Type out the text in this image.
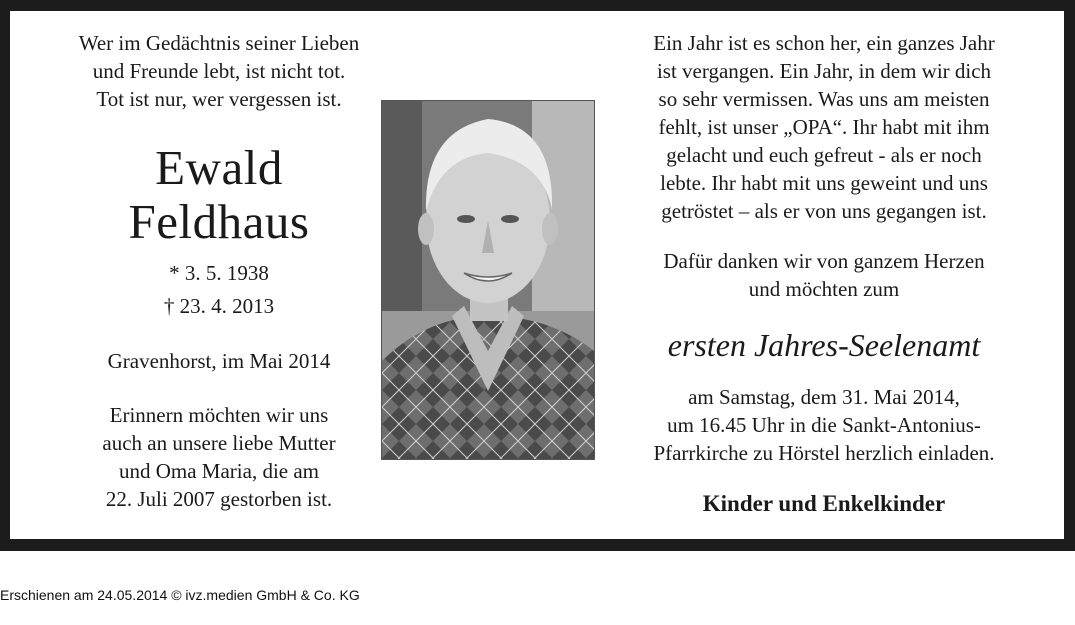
Wer im Gedächtnis seiner Lieben
und Freunde lebt, ist nicht tot.
Tot ist nur, wer vergessen ist.
Ewald
Feldhaus
* 3. 5. 1938
† 23. 4. 2013
Gravenhorst, im Mai 2014
Erinnern möchten wir uns
auch an unsere liebe Mutter
und Oma Maria, die am
22. Juli 2007 gestorben ist.
Ein Jahr ist es schon her, ein ganzes Jahr
ist vergangen. Ein Jahr, in dem wir dich
so sehr vermissen. Was uns am meisten
fehlt, ist unser „OPA“. Ihr habt mit ihm
gelacht und euch gefreut - als er noch
lebte. Ihr habt mit uns geweint und uns
getröstet – als er von uns gegangen ist.
Dafür danken wir von ganzem Herzen
und möchten zum
ersten Jahres-Seelenamt
am Samstag, dem 31. Mai 2014,
um 16.45 Uhr in die Sankt-Antonius-
Pfarrkirche zu Hörstel herzlich einladen.
Kinder und Enkelkinder
Erschienen am 24.05.2014 © ivz.medien GmbH & Co. KG
